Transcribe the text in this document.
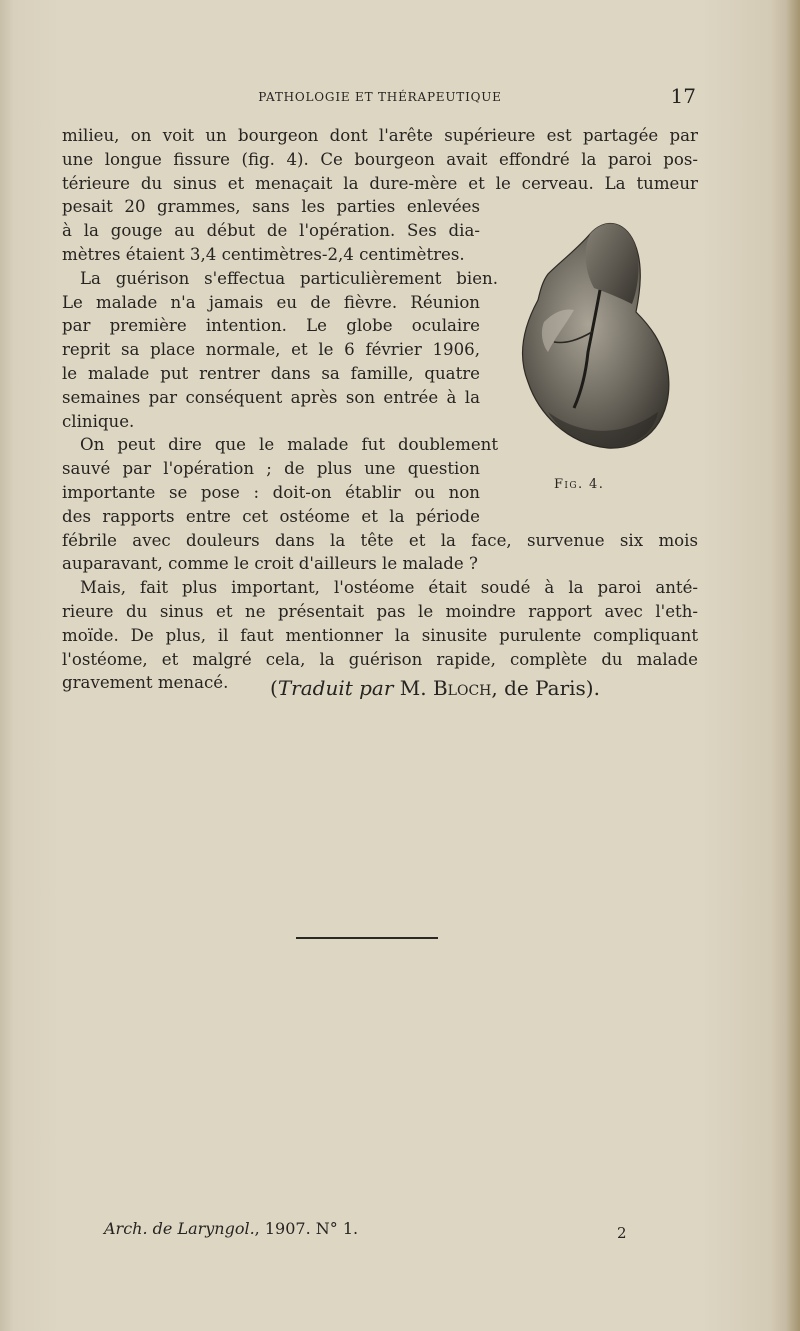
PATHOLOGIE ET THÉRAPEUTIQUE	17
milieu, on voit un bourgeon dont l'arête supérieure est partagée par
une longue fissure (fig. 4). Ce bourgeon avait effondré la paroi pos-
térieure du sinus et menaçait la dure-mère et le cerveau. La tumeur
pesait 20 grammes, sans les parties enlevées
à la gouge au début de l'opération. Ses dia-
mètres étaient 3,4 centimètres-2,4 centimètres.
La guérison s'effectua particulièrement bien.
Le malade n'a jamais eu de fièvre. Réunion
par première intention. Le globe oculaire
reprit sa place normale, et le 6 février 1906,
le malade put rentrer dans sa famille, quatre
semaines par conséquent après son entrée à la
clinique.
On peut dire que le malade fut doublement
sauvé par l'opération ; de plus une question
importante se pose : doit-on établir ou non
des rapports entre cet ostéome et la période
fébrile avec douleurs dans la tête et la face, survenue six mois
auparavant, comme le croit d'ailleurs le malade ?
Mais, fait plus important, l'ostéome était soudé à la paroi anté-
rieure du sinus et ne présentait pas le moindre rapport avec l'eth-
moïde. De plus, il faut mentionner la sinusite purulente compliquant
l'ostéome, et malgré cela, la guérison rapide, complète du malade
gravement menacé.
Fig. 4.
(Traduit par M. Bloch, de Paris).
Arch. de Laryngol., 1907. N° 1.	2
